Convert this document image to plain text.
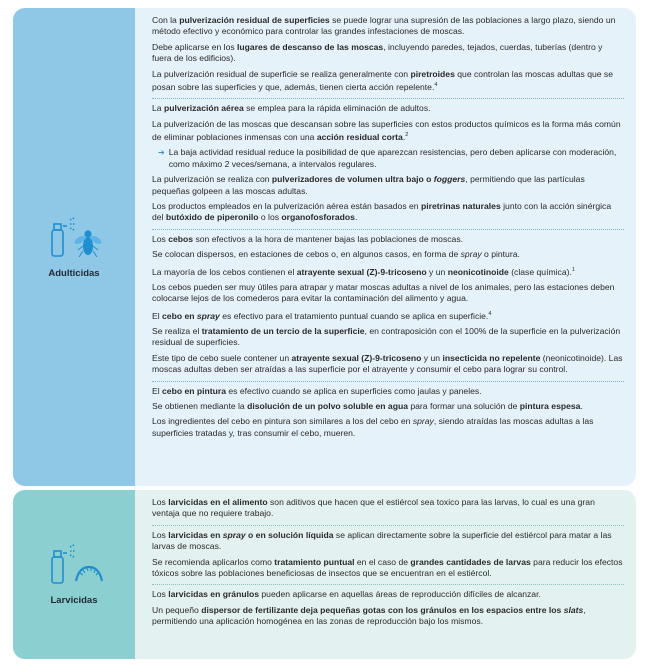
Adulticidas

Con la pulverización residual de superficies se puede lograr una supresión de las poblaciones a largo plazo, siendo un método efectivo y económico para controlar las grandes infestaciones de moscas.

Debe aplicarse en los lugares de descanso de las moscas, incluyendo paredes, tejados, cuerdas, tuberías (dentro y fuera de los edificios).

La pulverización residual de superficie se realiza generalmente con piretroides que controlan las moscas adultas que se posan sobre las superficies y que, además, tienen cierta acción repelente.$^4$

La pulverización aérea se emplea para la rápida eliminación de adultos.

La pulverización de las moscas que descansan sobre las superficies con estos productos químicos es la forma más común de eliminar poblaciones inmensas con una acción residual corta.$^2$

➔ La baja actividad residual reduce la posibilidad de que aparezcan resistencias, pero deben aplicarse con moderación, como máximo 2 veces/semana, a intervalos regulares.

La pulverización se realiza con pulverizadores de volumen ultra bajo o foggers, permitiendo que las partículas pequeñas golpeen a las moscas adultas.

Los productos empleados en la pulverización aérea están basados en piretrinas naturales junto con la acción sinérgica del butóxido de piperonilo o los organofosforados.

Los cebos son efectivos a la hora de mantener bajas las poblaciones de moscas.

Se colocan dispersos, en estaciones de cebos o, en algunos casos, en forma de spray o pintura.

La mayoría de los cebos contienen el atrayente sexual (Z)-9-tricoseno y un neonicotinoide (clase química).$^1$

Los cebos pueden ser muy útiles para atrapar y matar moscas adultas a nivel de los animales, pero las estaciones deben colocarse lejos de los comederos para evitar la contaminación del alimento y agua.

El cebo en spray es efectivo para el tratamiento puntual cuando se aplica en superficie.$^4$

Se realiza el tratamiento de un tercio de la superficie, en contraposición con el 100% de la superficie en la pulverización residual de superficies.

Este tipo de cebo suele contener un atrayente sexual (Z)-9-tricoseno y un insecticida no repelente (neonicotinoide). Las moscas adultas deben ser atraídas a las superficie por el atrayente y consumir el cebo para lograr su control.

El cebo en pintura es efectivo cuando se aplica en superficies como jaulas y paneles.

Se obtienen mediante la disolución de un polvo soluble en agua para formar una solución de pintura espesa.

Los ingredientes del cebo en pintura son similares a los del cebo en spray, siendo atraídas las moscas adultas a las superficies tratadas y, tras consumir el cebo, mueren.

Larvicidas

Los larvicidas en el alimento son aditivos que hacen que el estiércol sea toxico para las larvas, lo cual es una gran ventaja que no requiere trabajo.

Los larvicidas en spray o en solución líquida se aplican directamente sobre la superficie del estiércol para matar a las larvas de moscas.

Se recomienda aplicarlos como tratamiento puntual en el caso de grandes cantidades de larvas para reducir los efectos tóxicos sobre las poblaciones beneficiosas de insectos que se encuentran en el estiércol.

Los larvicidas en gránulos pueden aplicarse en aquellas áreas de reproducción difíciles de alcanzar.

Un pequeño dispersor de fertilizante deja pequeñas gotas con los gránulos en los espacios entre los slats, permitiendo una aplicación homogénea en las zonas de reproducción bajo los mismos.
